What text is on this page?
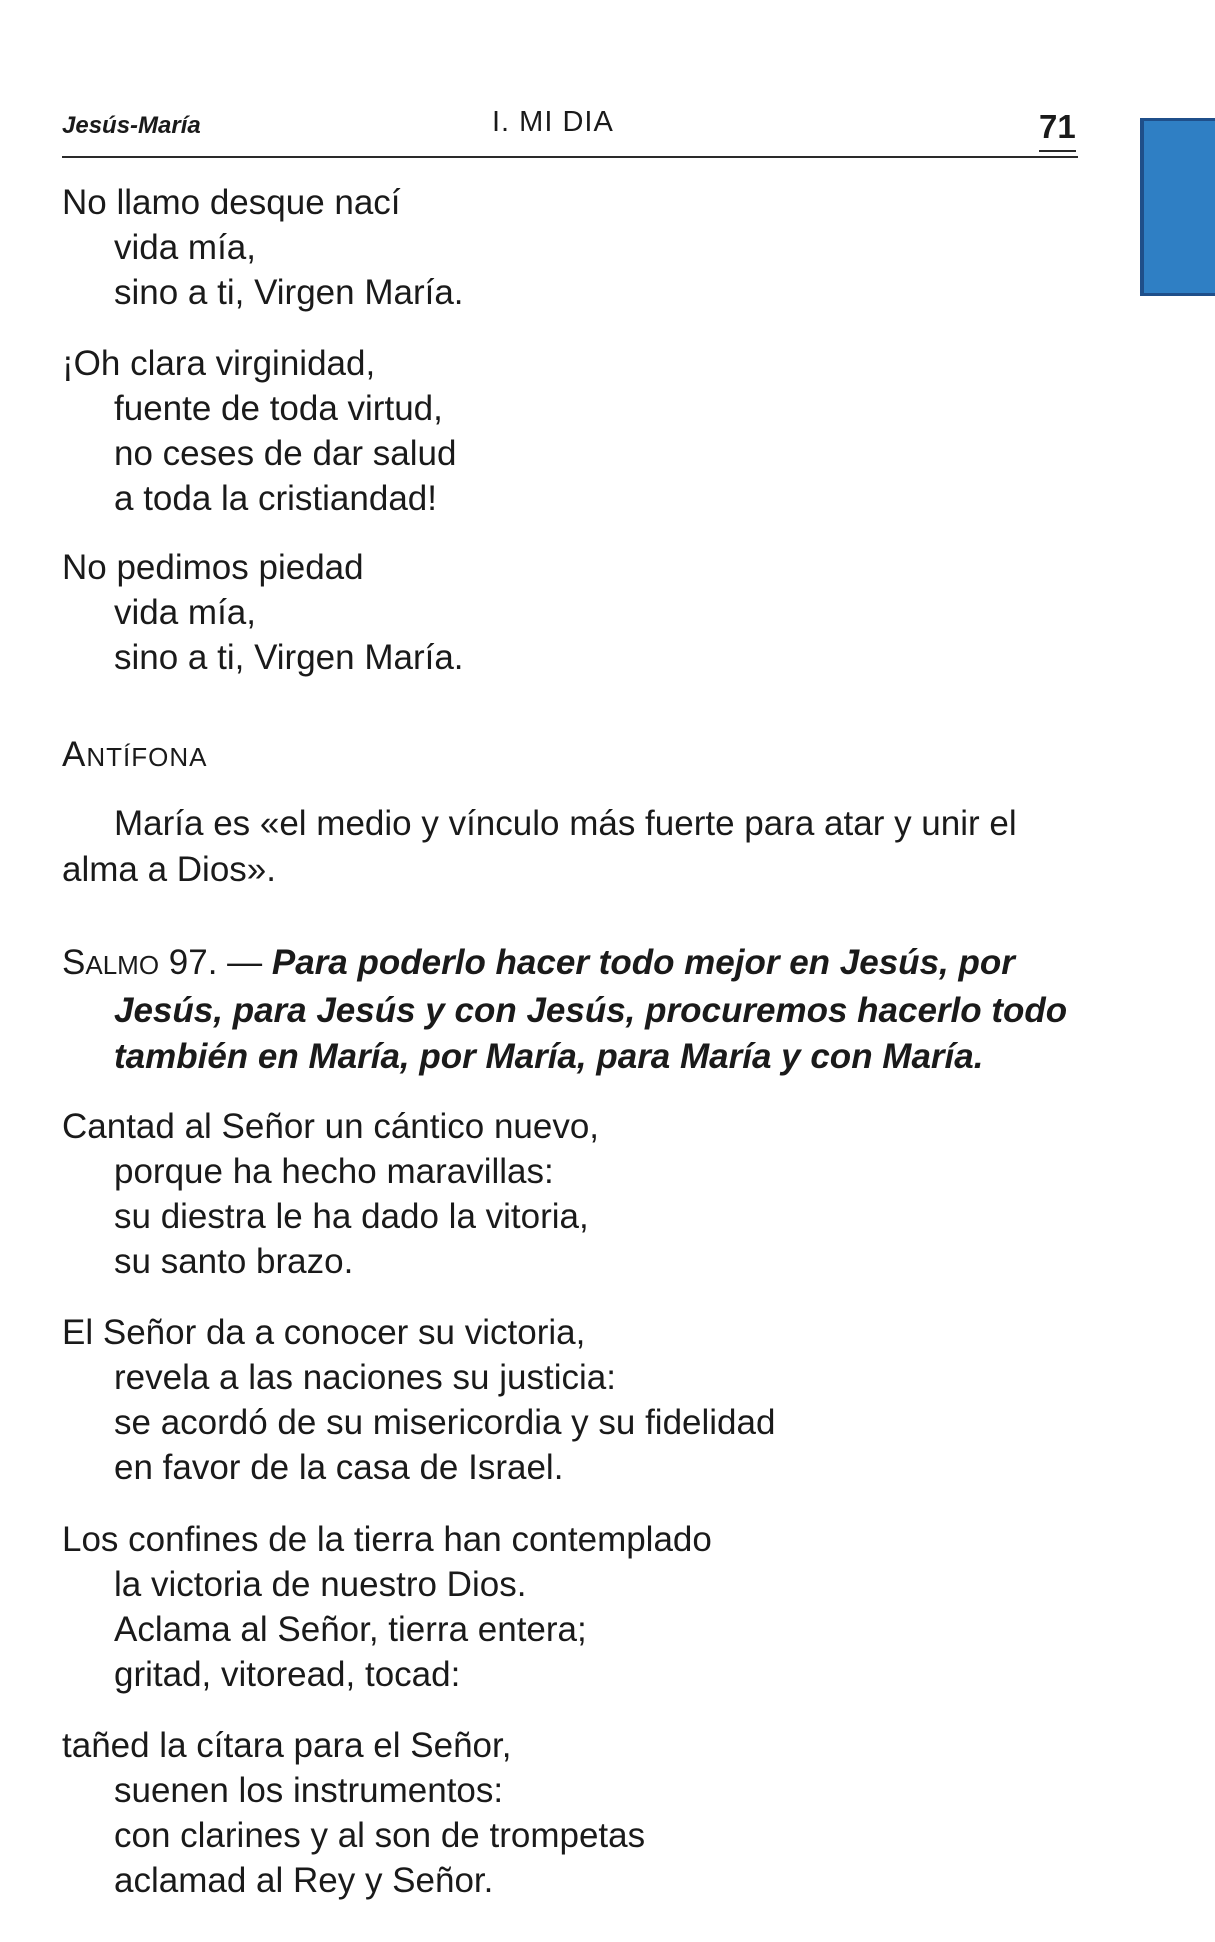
Jesús-María	I. MI DIA	71
No llamo desque nací
vida mía,
sino a ti, Virgen María.
¡Oh clara virginidad,
fuente de toda virtud,
no ceses de dar salud
a toda la cristiandad!
No pedimos piedad
vida mía,
sino a ti, Virgen María.
ANTÍFONA
María es «el medio y vínculo más fuerte para atar y unir el
alma a Dios».
SALMO 97. — Para poderlo hacer todo mejor en Jesús, por
Jesús, para Jesús y con Jesús, procuremos hacerlo todo
también en María, por María, para María y con María.
Cantad al Señor un cántico nuevo,
porque ha hecho maravillas:
su diestra le ha dado la vitoria,
su santo brazo.
El Señor da a conocer su victoria,
revela a las naciones su justicia:
se acordó de su misericordia y su fidelidad
en favor de la casa de Israel.
Los confines de la tierra han contemplado
la victoria de nuestro Dios.
Aclama al Señor, tierra entera;
gritad, vitoread, tocad:
tañed la cítara para el Señor,
suenen los instrumentos:
con clarines y al son de trompetas
aclamad al Rey y Señor.
